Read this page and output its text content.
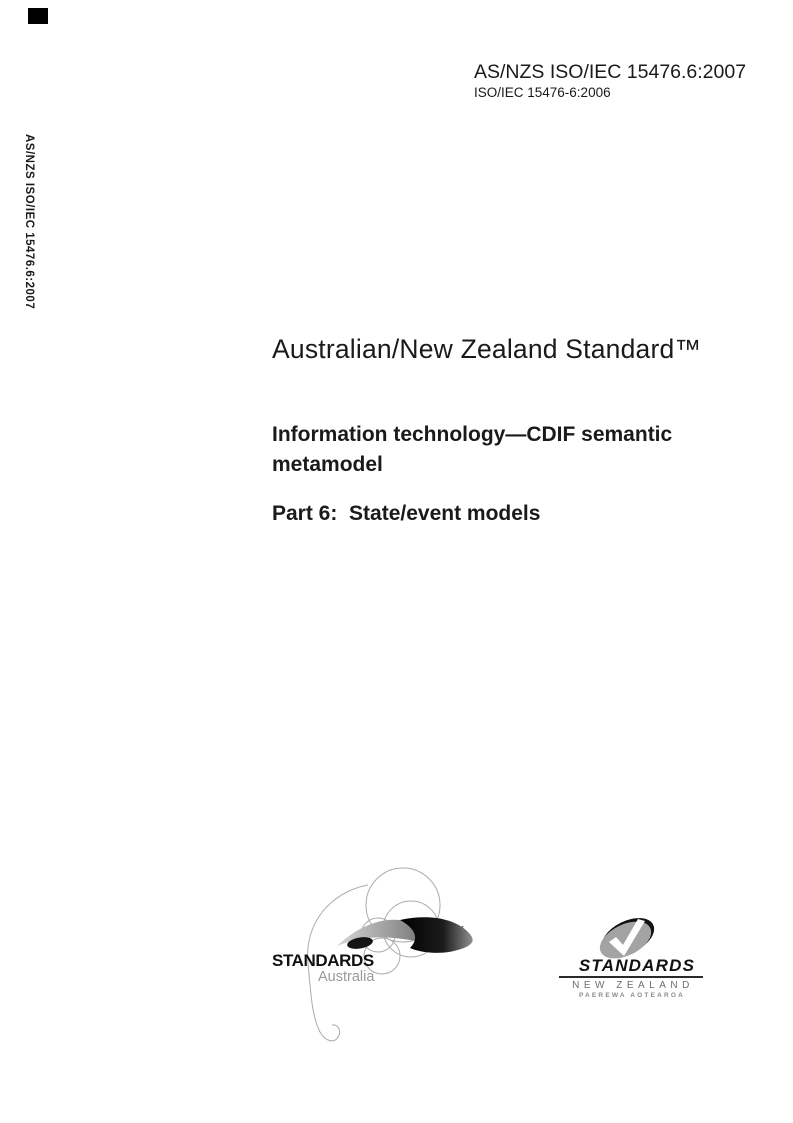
AS/NZS ISO/IEC 15476.6:2007
ISO/IEC 15476-6:2006
AS/NZS ISO/IEC 15476.6:2007
Australian/New Zealand Standard™
Information technology—CDIF semantic metamodel
Part 6:  State/event models
STANDARDS
Australia
STANDARDS
NEW ZEALAND
PAEREWA AOTEAROA
